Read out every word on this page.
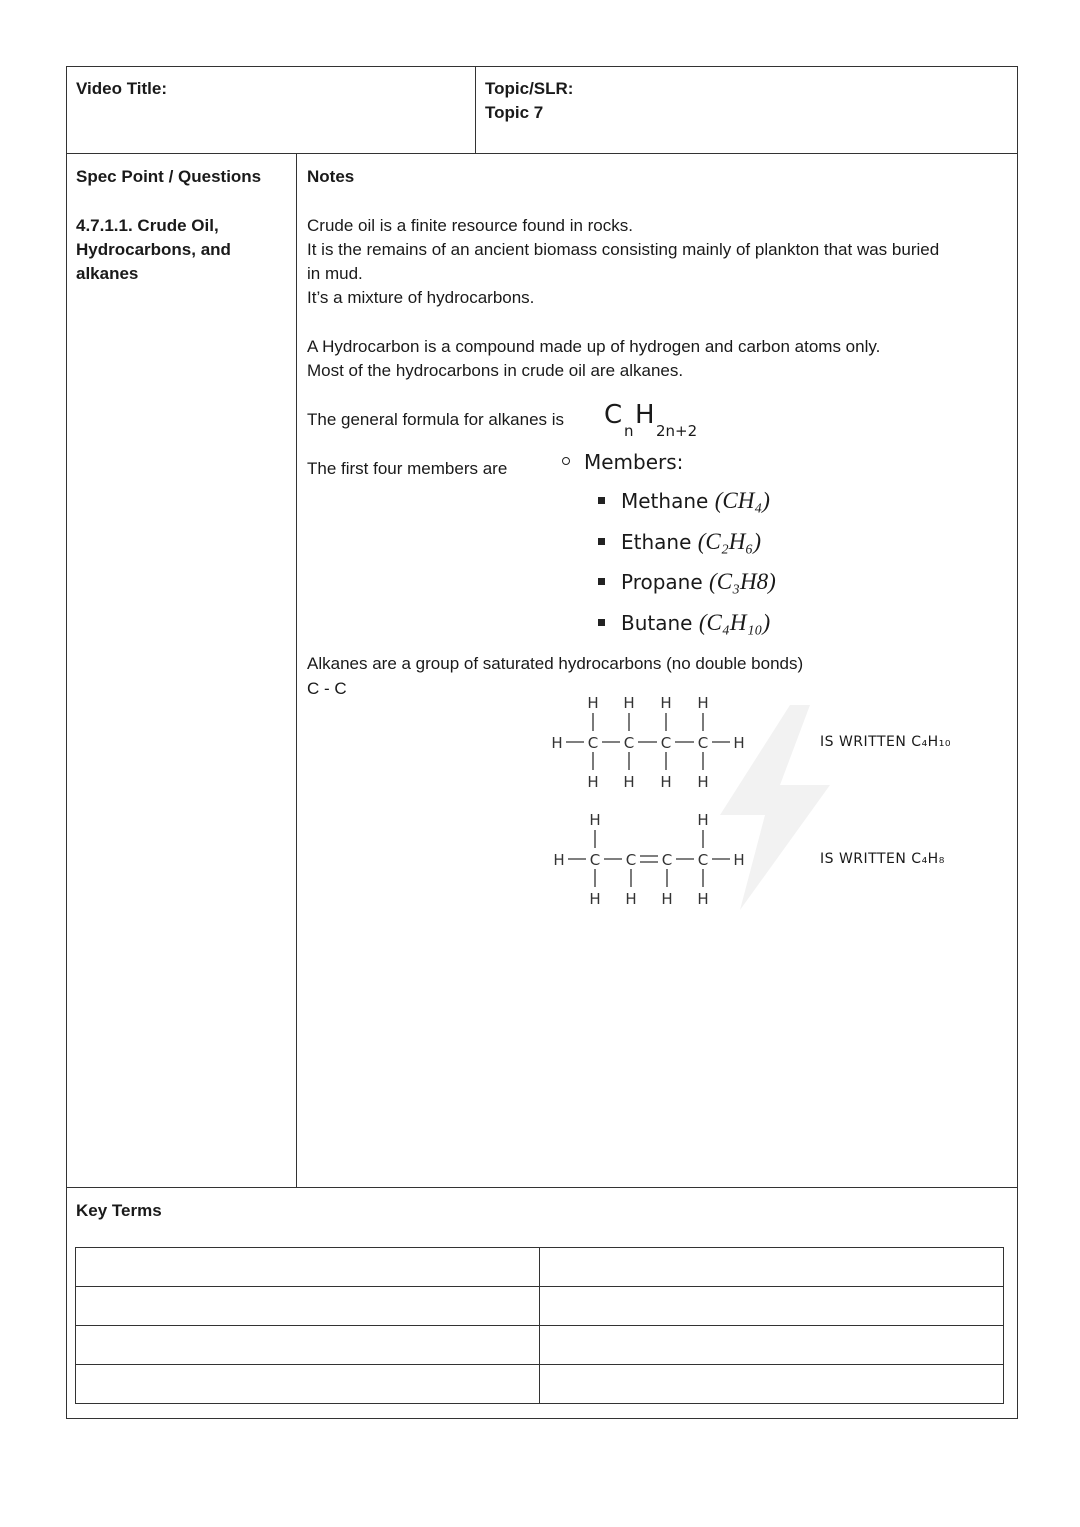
Video Title:	Topic/SLR:
Topic 7
Spec Point / Questions	Notes
4.7.1.1. Crude Oil,
Hydrocarbons, and
alkanes
Crude oil is a finite resource found in rocks.
It is the remains of an ancient biomass consisting mainly of plankton that was buried
in mud.
It’s a mixture of hydrocarbons.
A Hydrocarbon is a compound made up of hydrogen and carbon atoms only.
Most of the hydrocarbons in crude oil are alkanes.
The general formula for alkanes is C
n
H
2n+2
The first four members are	Members:
Methane (CH₄)
Ethane (C₂H₆)
Propane (C₃H8)
Butane (C₄H₁₀)
Alkanes are a group of saturated hydrocarbons (no double bonds)
C - C
H H H H
H C C C C H
H H H H
IS WRITTEN C₄H₁₀
H	H
H C C C C H
H H H H
IS WRITTEN C₄H₈
Key Terms
